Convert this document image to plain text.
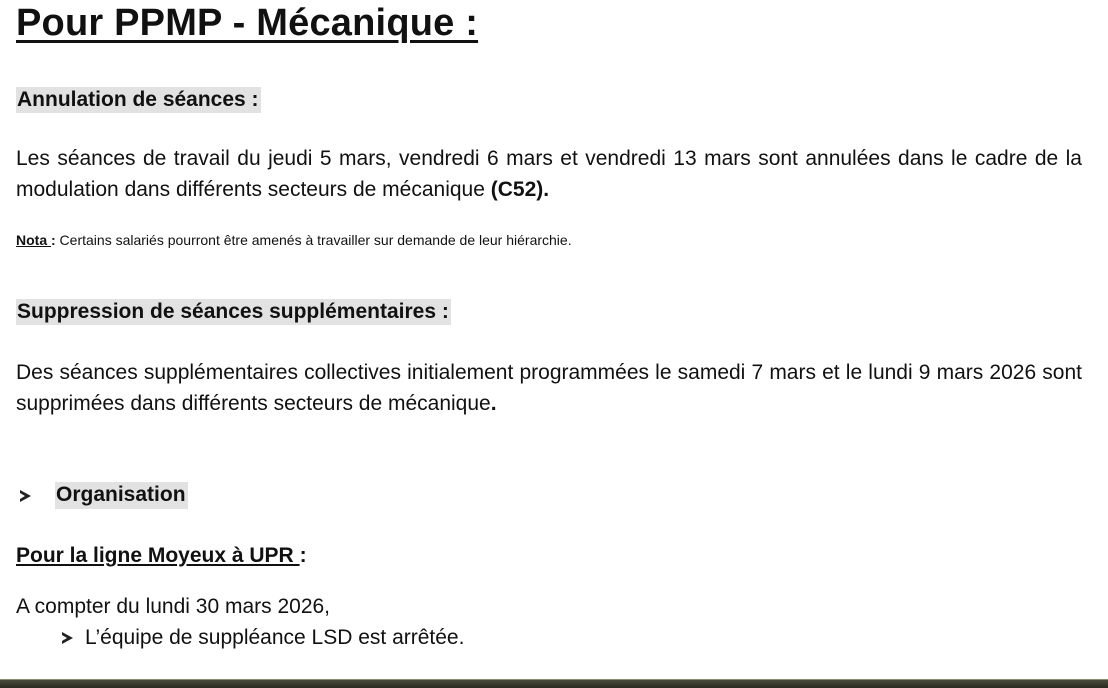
Pour PPMP - Mécanique :
Annulation de séances :

Les séances de travail du jeudi 5 mars, vendredi 6 mars et vendredi 13 mars sont annulées dans le cadre de la modulation dans différents secteurs de mécanique (C52).

Nota : Certains salariés pourront être amenés à travailler sur demande de leur hiérarchie.

Suppression de séances supplémentaires :

Des séances supplémentaires collectives initialement programmées le samedi 7 mars et le lundi 9 mars 2026 sont supprimées dans différents secteurs de mécanique.

Organisation

Pour la ligne Moyeux à UPR :

A compter du lundi 30 mars 2026,

L’équipe de suppléance LSD est arrêtée.
